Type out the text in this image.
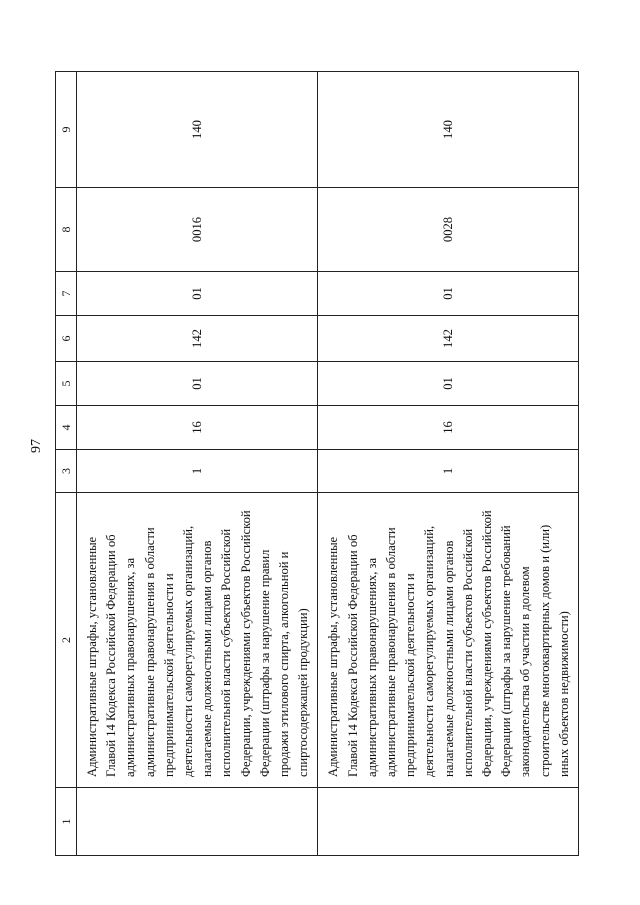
97
1	2	3	4	5	6	7	8	9

	Административные штрафы, установленные Главой 14 Кодекса Российской Федерации об административных правонарушениях, за административные правонарушения в области предпринимательской деятельности и деятельности саморегулируемых организаций, налагаемые должностными лицами органов исполнительной власти субъектов Российской Федерации, учреждениями субъектов Российской Федерации (штрафы за нарушение правил продажи этилового спирта, алкогольной и спиртосодержащей продукции)	1	16	01	142	01	0016	140

	Административные штрафы, установленные Главой 14 Кодекса Российской Федерации об административных правонарушениях, за административные правонарушения в области предпринимательской деятельности и деятельности саморегулируемых организаций, налагаемые должностными лицами органов исполнительной власти субъектов Российской Федерации, учреждениями субъектов Российской Федерации (штрафы за нарушение требований законодательства об участии в долевом строительстве многоквартирных домов и (или) иных объектов недвижимости)	1	16	01	142	01	0028	140
